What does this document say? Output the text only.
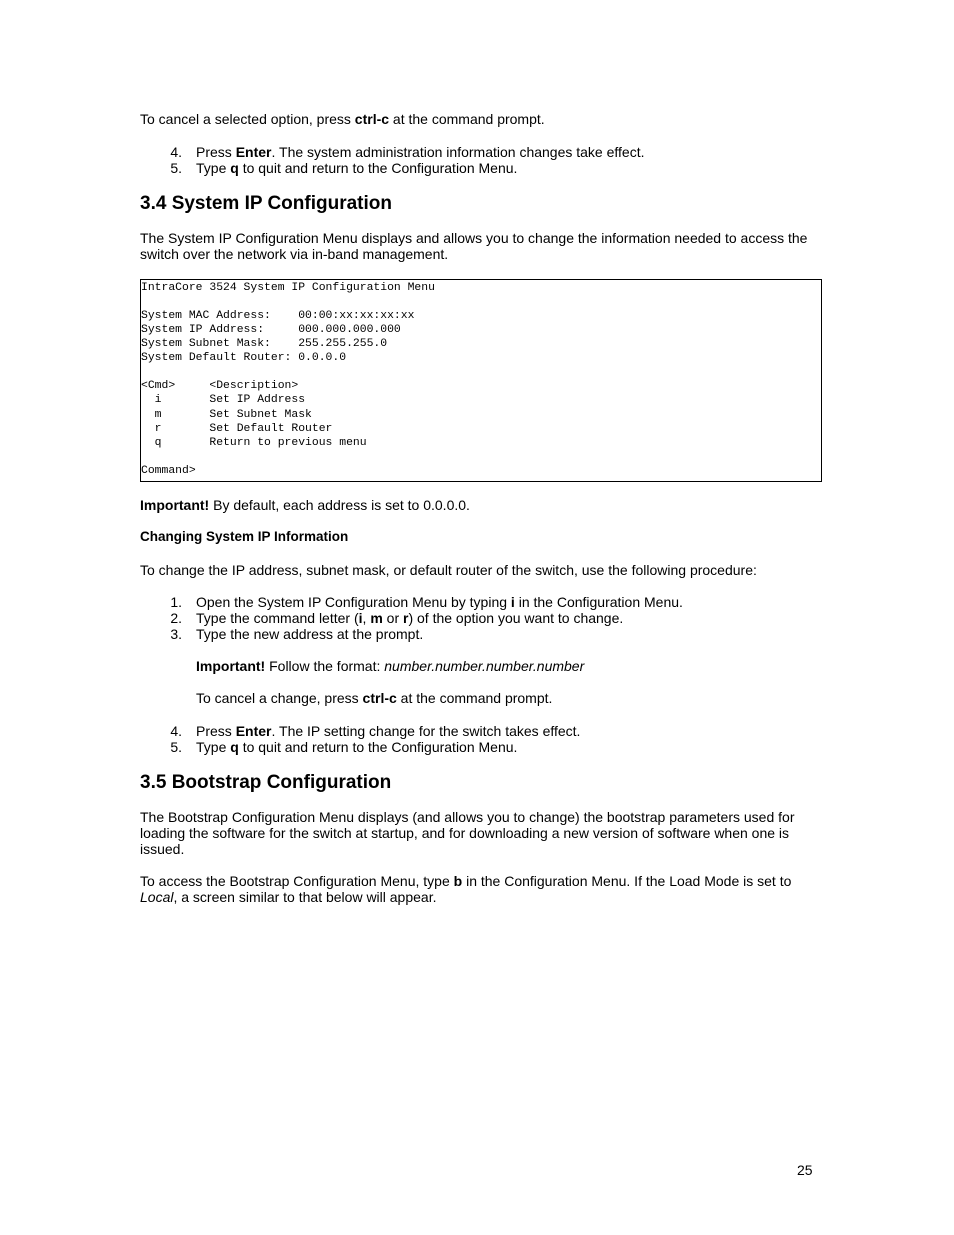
To cancel a selected option, press ctrl-c at the command prompt.

4. Press Enter. The system administration information changes take effect.
5. Type q to quit and return to the Configuration Menu.
3.4 System IP Configuration

The System IP Configuration Menu displays and allows you to change the information needed to access the

switch over the network via in-band management.

IntraCore 3524 System IP Configuration Menu
System MAC Address:    00:00:xx:xx:xx:xx
System IP Address:     000.000.000.000
System Subnet Mask:    255.255.255.0
System Default Router: 0.0.0.0
<Cmd>     <Description>
i       Set IP Address
m       Set Subnet Mask
r       Set Default Router
q       Return to previous menu
Command>

Important! By default, each address is set to 0.0.0.0.

Changing System IP Information

To change the IP address, subnet mask, or default router of the switch, use the following procedure:

1. Open the System IP Configuration Menu by typing i in the Configuration Menu.
2. Type the command letter (i, m or r) of the option you want to change.
3. Type the new address at the prompt.

Important! Follow the format: number.number.number.number

To cancel a change, press ctrl-c at the command prompt.

4. Press Enter. The IP setting change for the switch takes effect.
5. Type q to quit and return to the Configuration Menu.
3.5 Bootstrap Configuration

The Bootstrap Configuration Menu displays (and allows you to change) the bootstrap parameters used for

loading the software for the switch at startup, and for downloading a new version of software when one is

issued.

To access the Bootstrap Configuration Menu, type b in the Configuration Menu. If the Load Mode is set to

Local, a screen similar to that below will appear.

25
